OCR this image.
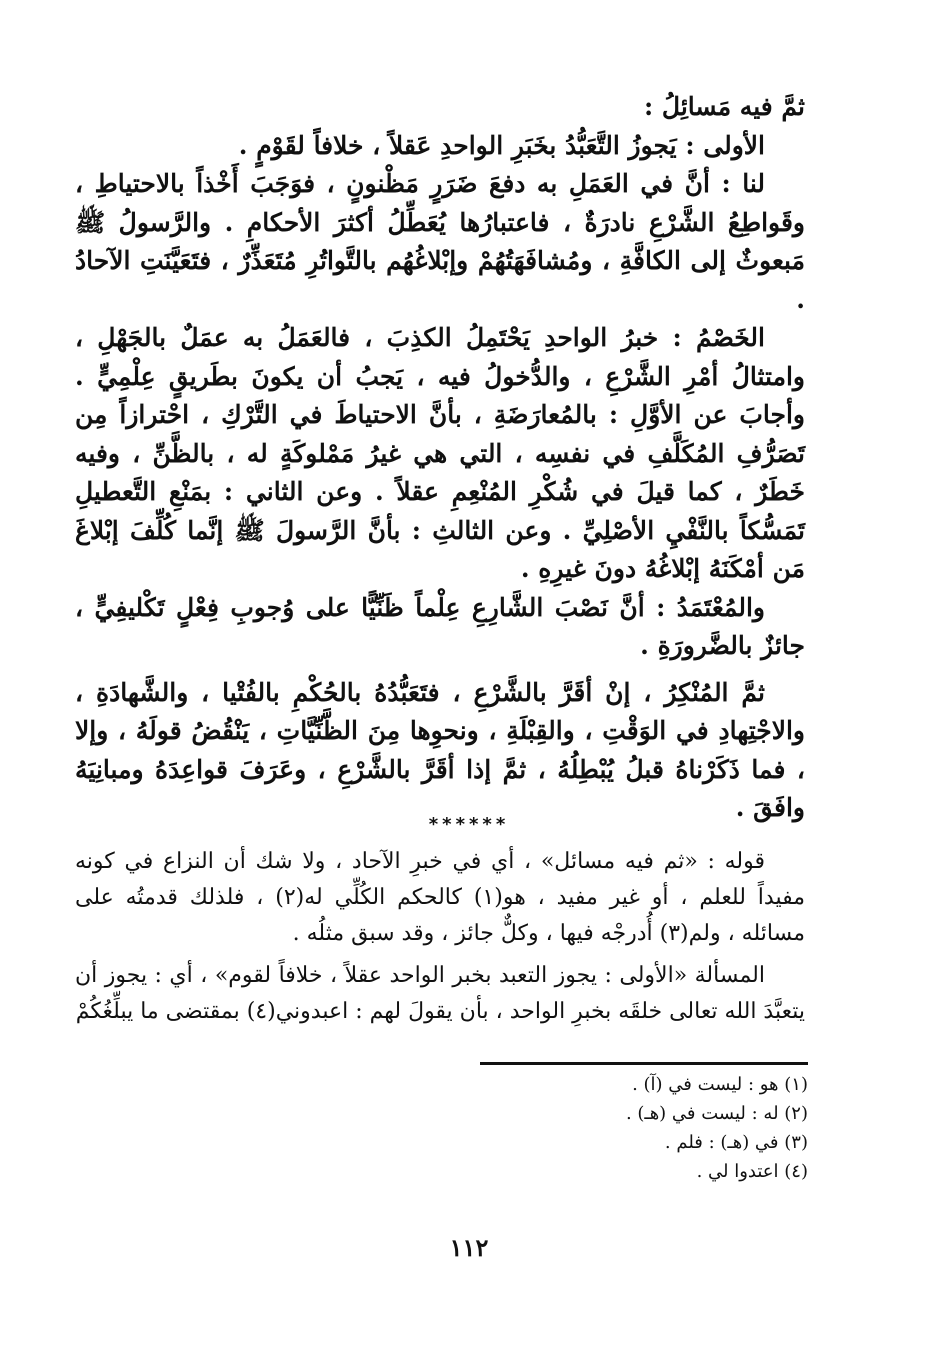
ثمَّ فيه مَسائِلُ :

الأولى : يَجوزُ التَّعَبُّدُ بخَبَرِ الواحدِ عَقلاً ، خلافاً لقَوْمٍ .

لنا : أنَّ في العَمَلِ به دفعَ ضَرَرٍ مَظْنونٍ ، فوَجَبَ أَخْذاً بالاحتياطِ ، وقَواطِعُ الشَّرْعِ نادرَةٌ ، فاعتبارُها يُعَطِّلُ أكثرَ الأحكامِ . والرَّسولُ ﷺ مَبعوثٌ إلى الكافَّةِ ، ومُشافَهَتُهُمْ وإبْلاغُهُم بالتَّواتُرِ مُتَعَذِّرٌ ، فتَعَيَّنَتِ الآحادُ .

الخَصْمُ : خبرُ الواحدِ يَحْتَمِلُ الكذِبَ ، فالعَمَلُ به عمَلٌ بالجَهْلِ ، وامتثالُ أمْرِ الشَّرْعِ ، والدُّخولُ فيه ، يَجبُ أن يكونَ بطَريقٍ عِلْمِيٍّ . وأجابَ عن الأوَّلِ : بالمُعارَضَةِ ، بأنَّ الاحتياطَ في التَّرْكِ ، احْترازاً مِن تَصَرُّفِ المُكَلَّفِ في نفسِه ، التي هي غيرُ مَمْلوكَةٍ له ، بالظَّنِّ ، وفيه خَطَرٌ ، كما قيلَ في شُكْرِ المُنْعِمِ عقلاً . وعن الثاني : بمَنْعِ التَّعطيلِ تَمَسُّكاً بالنَّفْيِ الأصْلِيِّ . وعن الثالثِ : بأنَّ الرَّسولَ ﷺ إنَّما كُلِّفَ إبْلاغَ مَن أمْكَنَهُ إبْلاغُهُ دونَ غيرِهِ .

والمُعْتَمَدُ : أنَّ نَصْبَ الشَّارِعِ عِلْماً ظَنِّيًّا على وُجوبِ فِعْلٍ تَكْليفِيٍّ ، جائزٌ بالضَّرورَةِ .

ثمَّ المُنْكِرُ ، إنْ أقَرَّ بالشَّرْعِ ، فتَعَبُّدُهُ بالحُكْمِ بالفُتْيا ، والشَّهادَةِ ، والاجْتِهادِ في الوَقْتِ ، والقِبْلَةِ ، ونحوِها مِنَ الظَّنِّيَّاتِ ، يَنْقُضُ قولَهُ ، وإلا ، فما ذَكَرْناهُ قبلُ يُبْطِلُهُ ، ثمَّ إذا أقَرَّ بالشَّرْعِ ، وعَرَفَ قواعِدَهُ ومبانِيَهُ وافَقَ .

******

قوله : «ثم فيه مسائل» ، أي في خبرِ الآحاد ، ولا شك أن النزاع في كونه مفيداً للعلم ، أو غير مفيد ، هو(١) كالحكم الكُلِّي له(٢) ، فلذلك قدمتُه على مسائله ، ولم(٣) أُدرجْه فيها ، وكلٌّ جائز ، وقد سبق مثلُه .

المسألة «الأولى : يجوز التعبد بخبر الواحد عقلاً ، خلافاً لقوم» ، أي : يجوز أن يتعبَّدَ الله تعالى خلقَه بخبرِ الواحد ، بأن يقولَ لهم : اعبدوني(٤) بمقتضى ما يبلِّغُكُمْ

(١) هو : ليست في (آ) .
(٢) له : ليست في (هـ) .
(٣) في (هـ) : فلم .
(٤) اعتدوا لي .
١١٢
